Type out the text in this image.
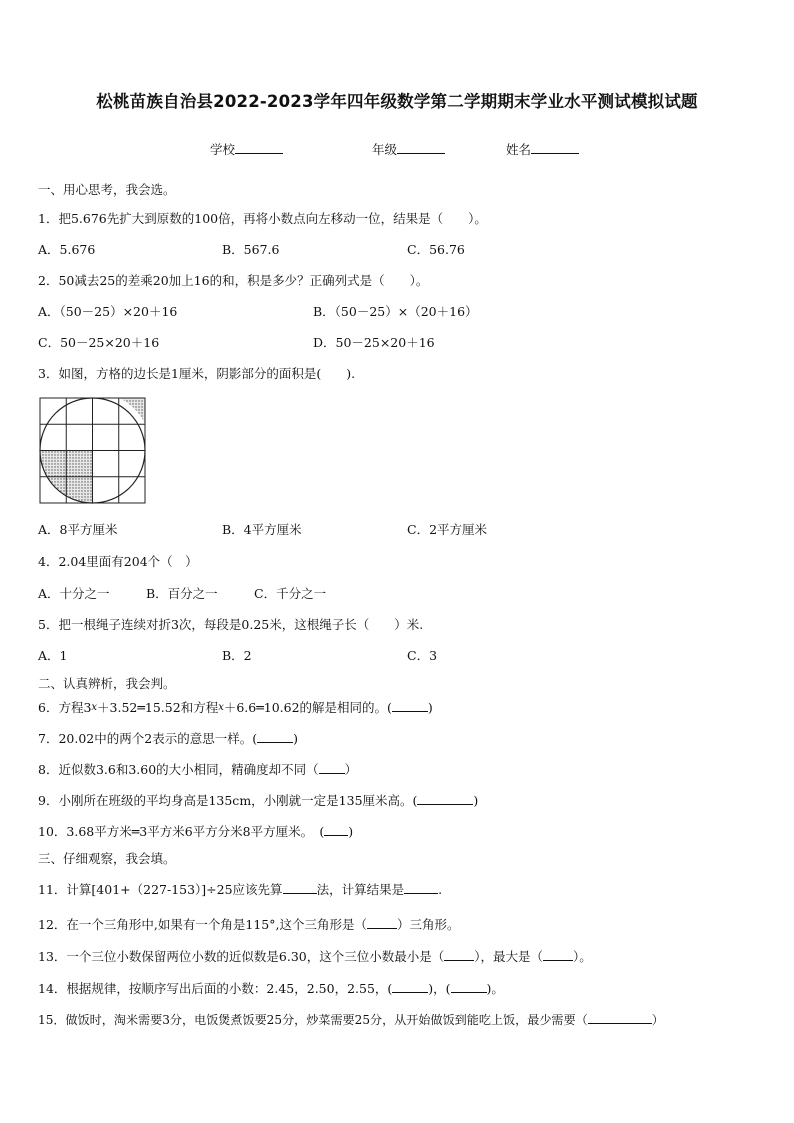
松桃苗族自治县2022-2023学年四年级数学第二学期期末学业水平测试模拟试题
学校	年级	姓名
一、用心思考，我会选。
1．把5.676先扩大到原数的100倍，再将小数点向左移动一位，结果是（　　）。
A．5.676	B．567.6	C．56.76
2．50减去25的差乘20加上16的和，积是多少？正确列式是（　　）。
A．（50－25）×20＋16	B．（50－25）×（20＋16）
C．50－25×20＋16	D．50－25×20＋16
3．如图，方格的边长是1厘米，阴影部分的面积是(　　).
A．8平方厘米	B．4平方厘米	C．2平方厘米
4．2.04里面有204个（　）
A．十分之一	B．百分之一	C．千分之一
5．把一根绳子连续对折3次，每段是0.25米，这根绳子长（　　）米.
A．1	B．2	C．3
二、认真辨析，我会判。
6．方程3x＋3.52═15.52和方程x＋6.6═10.62的解是相同的。(	)
7．20.02中的两个2表示的意思一样。(	)
8．近似数3.6和3.60的大小相同，精确度却不同（ ）
9．小刚所在班级的平均身高是135cm，小刚就一定是135厘米高。(	)
10．3.68平方米═3平方米6平方分米8平方厘米。　( )
三、仔细观察，我会填。
11．计算[401+（227-153）]÷25应该先算	法，计算结果是	.
12．在一个三角形中,如果有一个角是115°,这个三角形是（ ）三角形。
13．一个三位小数保留两位小数的近似数是6.30，这个三位小数最小是（ ），最大是（ ）。
14．根据规律，按顺序写出后面的小数：2.45，2.50，2.55，(	)，(	)。
15．做饭时，淘米需要3分，电饭煲煮饭要25分，炒菜需要25分，从开始做饭到能吃上饭，最少需要（	）
